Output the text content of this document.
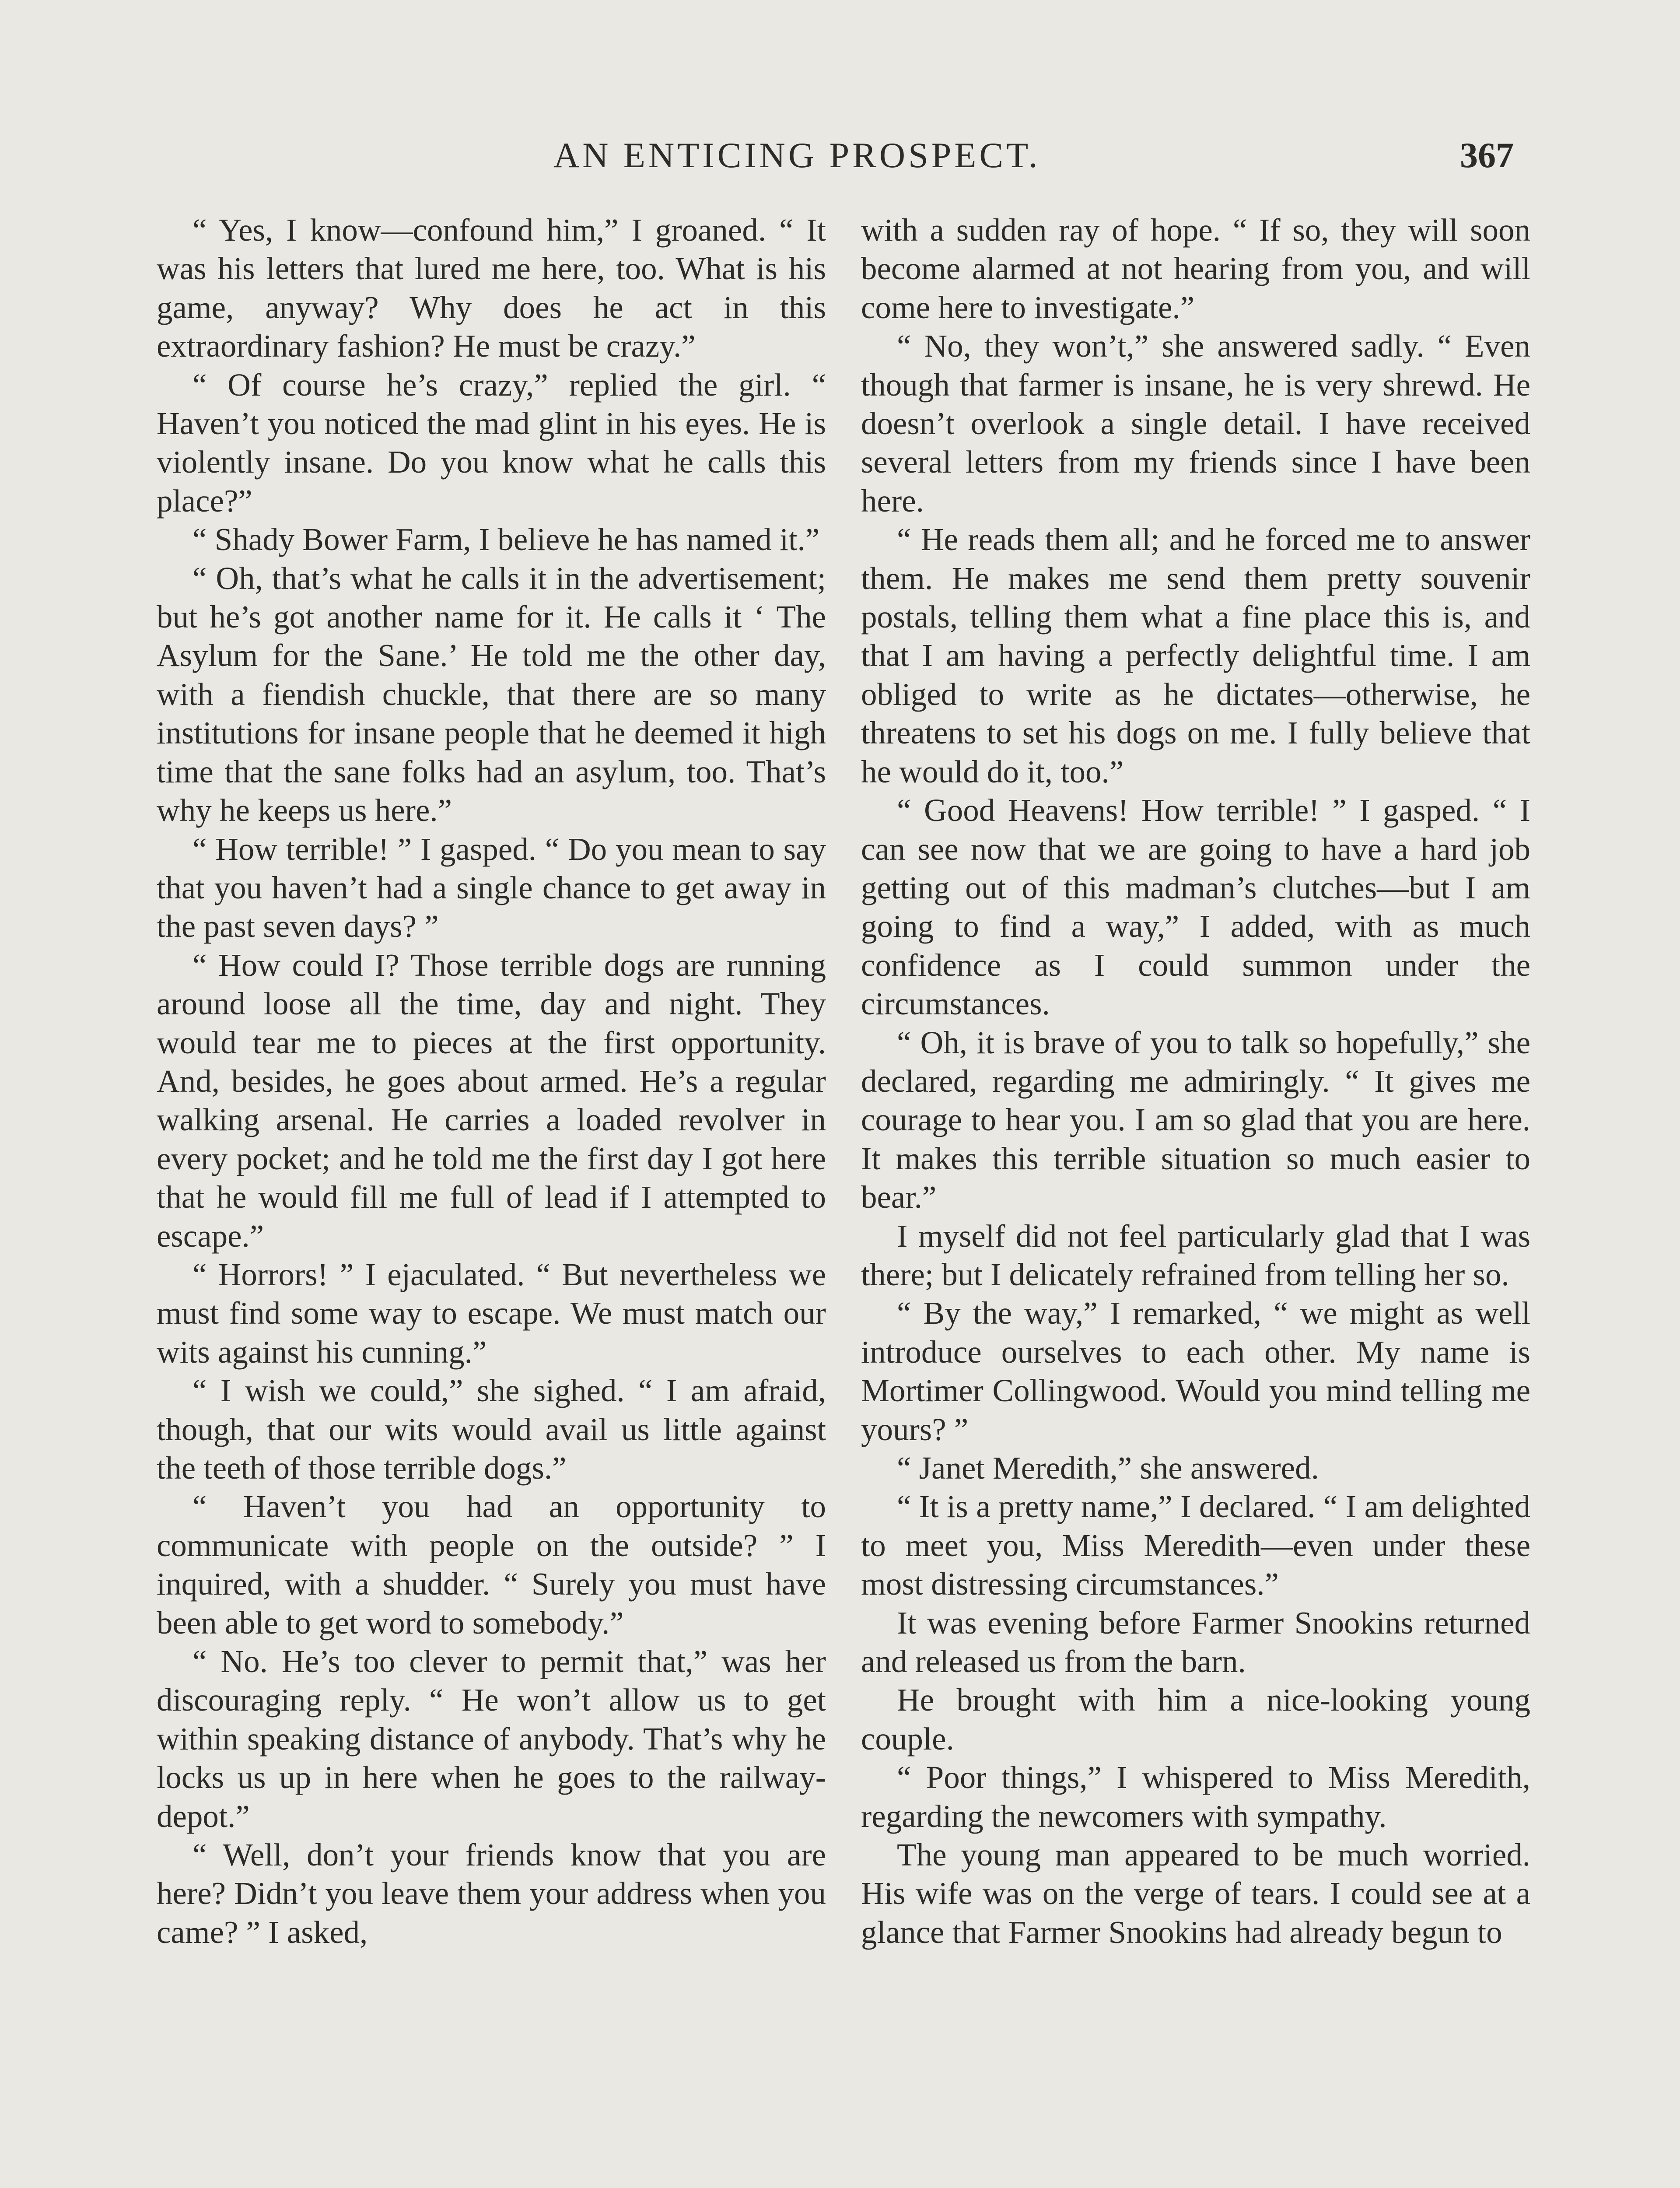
AN ENTICING PROSPECT.	367

“ Yes, I know—confound him,” I groaned. “ It was his letters that lured me here, too. What is his game, anyway? Why does he act in this extraordinary fashion? He must be crazy.”

“ Of course he’s crazy,” replied the girl. “ Haven’t you noticed the mad glint in his eyes. He is violently insane. Do you know what he calls this place?”

“ Shady Bower Farm, I believe he has named it.”

“ Oh, that’s what he calls it in the advertisement; but he’s got another name for it. He calls it ‘ The Asylum for the Sane.’ He told me the other day, with a fiendish chuckle, that there are so many institutions for insane people that he deemed it high time that the sane folks had an asylum, too. That’s why he keeps us here.”

“ How terrible! ” I gasped. “ Do you mean to say that you haven’t had a single chance to get away in the past seven days? ”

“ How could I? Those terrible dogs are running around loose all the time, day and night. They would tear me to pieces at the first opportunity. And, besides, he goes about armed. He’s a regular walking arsenal. He carries a loaded revolver in every pocket; and he told me the first day I got here that he would fill me full of lead if I attempted to escape.”

“ Horrors! ” I ejaculated. “ But nevertheless we must find some way to escape. We must match our wits against his cunning.”

“ I wish we could,” she sighed. “ I am afraid, though, that our wits would avail us little against the teeth of those terrible dogs.”

“ Haven’t you had an opportunity to communicate with people on the outside? ” I inquired, with a shudder. “ Surely you must have been able to get word to somebody.”

“ No. He’s too clever to permit that,” was her discouraging reply. “ He won’t allow us to get within speaking distance of anybody. That’s why he locks us up in here when he goes to the railway-depot.”

“ Well, don’t your friends know that you are here? Didn’t you leave them your address when you came? ” I asked,

with a sudden ray of hope. “ If so, they will soon become alarmed at not hearing from you, and will come here to investigate.”

“ No, they won’t,” she answered sadly. “ Even though that farmer is insane, he is very shrewd. He doesn’t overlook a single detail. I have received several letters from my friends since I have been here.

“ He reads them all; and he forced me to answer them. He makes me send them pretty souvenir postals, telling them what a fine place this is, and that I am having a perfectly delightful time. I am obliged to write as he dictates—otherwise, he threatens to set his dogs on me. I fully believe that he would do it, too.”

“ Good Heavens! How terrible! ” I gasped. “ I can see now that we are going to have a hard job getting out of this madman’s clutches—but I am going to find a way,” I added, with as much confidence as I could summon under the circumstances.

“ Oh, it is brave of you to talk so hopefully,” she declared, regarding me admiringly. “ It gives me courage to hear you. I am so glad that you are here. It makes this terrible situation so much easier to bear.”

I myself did not feel particularly glad that I was there; but I delicately refrained from telling her so.

“ By the way,” I remarked, “ we might as well introduce ourselves to each other. My name is Mortimer Collingwood. Would you mind telling me yours? ”

“ Janet Meredith,” she answered.

“ It is a pretty name,” I declared. “ I am delighted to meet you, Miss Meredith—even under these most distressing circumstances.”

It was evening before Farmer Snookins returned and released us from the barn.

He brought with him a nice-looking young couple.

“ Poor things,” I whispered to Miss Meredith, regarding the newcomers with sympathy.

The young man appeared to be much worried. His wife was on the verge of tears. I could see at a glance that Farmer Snookins had already begun to
